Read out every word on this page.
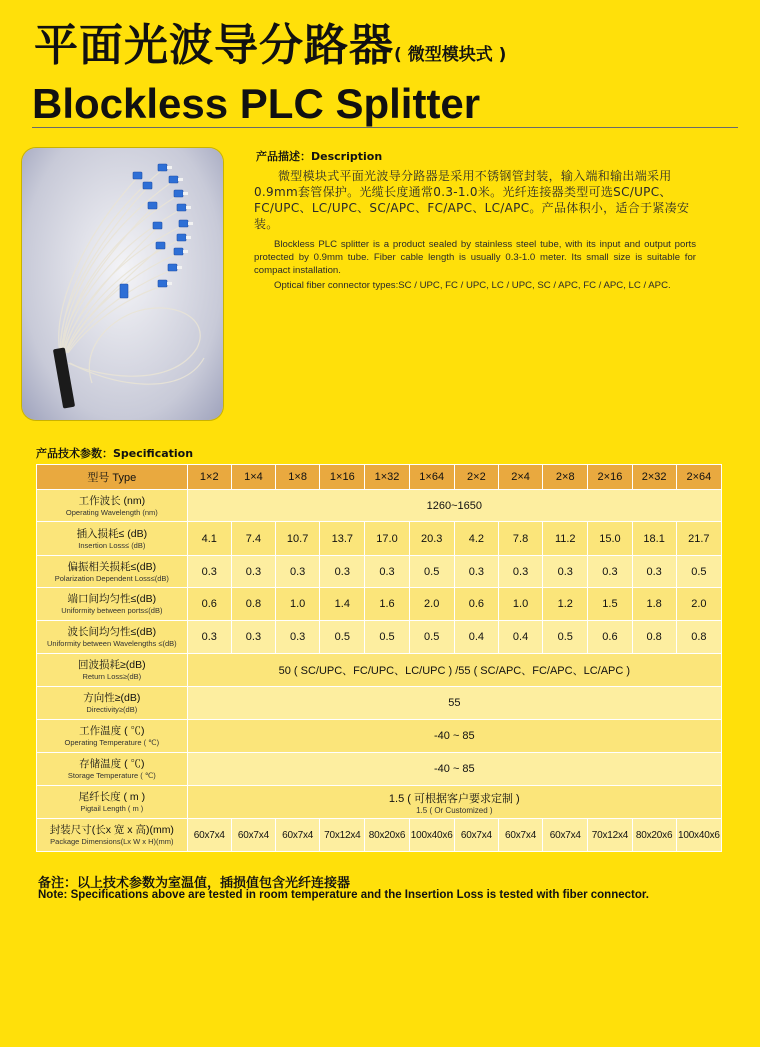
平面光波导分路器( 微型模块式 )
Blockless PLC Splitter
产品描述：Description

微型模块式平面光波导分路器是采用不锈钢管封装，输入端和输出端采用0.9mm套管保护。光缆长度通常0.3-1.0米。光纤连接器类型可选SC/UPC、FC/UPC、LC/UPC、SC/APC、FC/APC、LC/APC。产品体积小，适合于紧凑安装。

Blockless PLC splitter is a product sealed by stainless steel tube, with its input and output ports protected by 0.9mm tube. Fiber cable length is usually 0.3-1.0 meter. Its small size is suitable for compact installation.

Optical fiber connector types:SC / UPC, FC / UPC, LC / UPC, SC / APC, FC / APC, LC / APC.

产品技术参数：Specification
型号 Type	1×2	1×4	1×8	1×16	1×32	1×64	2×2	2×4	2×8	2×16	2×32	2×64

工作波长 (nm)
Operating Wavelength (nm)	1260~1650											

插入损耗≤ (dB)
Insertion Loss≤ (dB)	4.1	7.4	10.7	13.7	17.0	20.3	4.2	7.8	11.2	15.0	18.1	21.7

偏振相关损耗≤(dB)
Polarization Dependent Loss≤(dB)	0.3	0.3	0.3	0.3	0.3	0.5	0.3	0.3	0.3	0.3	0.3	0.5

端口间均匀性≤(dB)
Uniformity between ports≤(dB)	0.6	0.8	1.0	1.4	1.6	2.0	0.6	1.0	1.2	1.5	1.8	2.0

波长间均匀性≤(dB)
Uniformity between Wavelengths ≤(dB)	0.3	0.3	0.3	0.5	0.5	0.5	0.4	0.4	0.5	0.6	0.8	0.8

回波损耗≥(dB)
Return Loss≥(dB)	50 ( SC/UPC、FC/UPC、LC/UPC ) /55 ( SC/APC、FC/APC、LC/APC )											

方向性≥(dB)
Directivity≥(dB)	55											

工作温度 ( ℃)
Operating Temperature ( ℃)	-40 ~ 85											

存储温度 ( ℃)
Storage Temperature ( ℃)	-40 ~ 85											

尾纤长度 ( m )
Pigtail Length ( m )	1.5 ( 可根据客户要求定制 )
1.5 ( Or Customized )											

封装尺寸(长x 宽 x 高)(mm)
Package Dimensions(Lx W x H)(mm)	60x7x4	60x7x4	60x7x4	70x12x4	80x20x6	100x40x6	60x7x4	60x7x4	60x7x4	70x12x4	80x20x6	100x40x6
备注：以上技术参数为室温值，插损值包含光纤连接器
Note: Specifications above are tested in room temperature and the Insertion Loss is tested with fiber connector.
